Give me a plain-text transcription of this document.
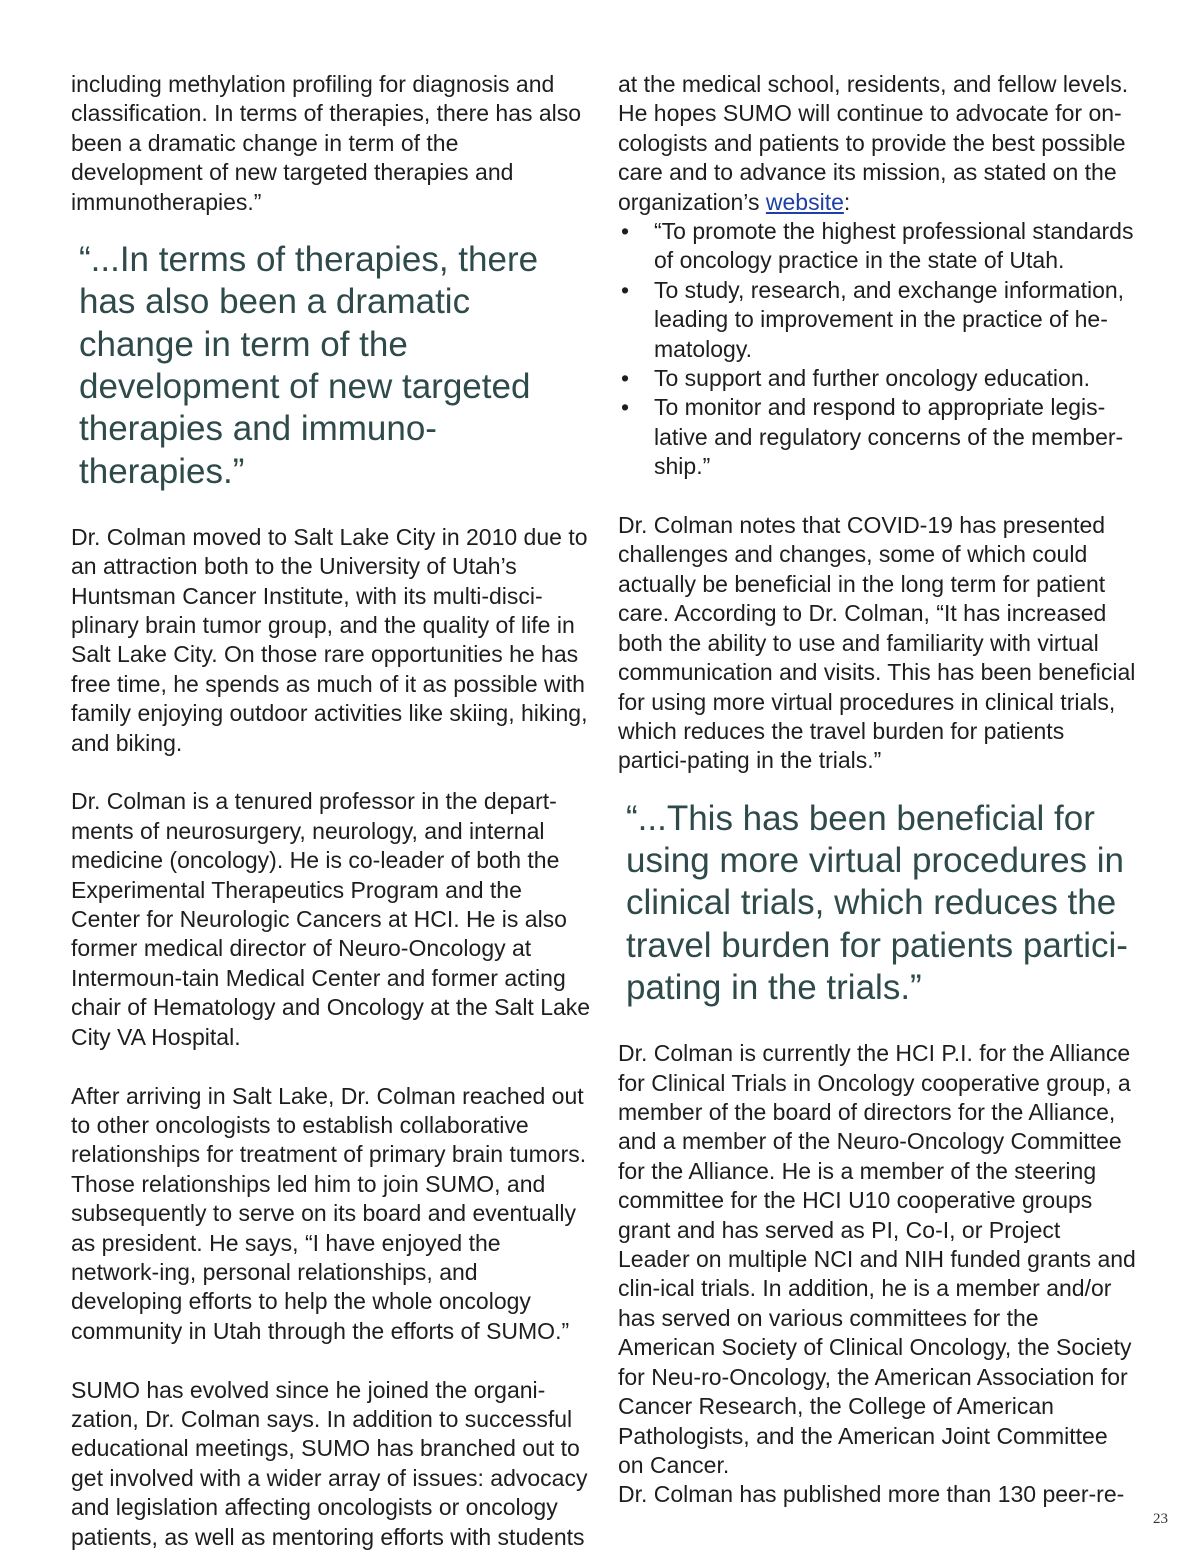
including methylation profiling for diagnosis and classification. In terms of therapies, there has also been a dramatic change in term of the development of new targeted therapies and immunotherapies.”

“...In terms of therapies, there has also been a dramatic change in term of the development of new targeted therapies and immuno-therapies.”

Dr. Colman moved to Salt Lake City in 2010 due to an attraction both to the University of Utah’s Huntsman Cancer Institute, with its multi-disci-plinary brain tumor group, and the quality of life in Salt Lake City. On those rare opportunities he has free time, he spends as much of it as possible with family enjoying outdoor activities like skiing, hiking, and biking.

Dr. Colman is a tenured professor in the depart-ments of neurosurgery, neurology, and internal medicine (oncology). He is co-leader of both the Experimental Therapeutics Program and the Center for Neurologic Cancers at HCI. He is also former medical director of Neuro-Oncology at Intermoun-tain Medical Center and former acting chair of Hematology and Oncology at the Salt Lake City VA Hospital.

After arriving in Salt Lake, Dr. Colman reached out to other oncologists to establish collaborative relationships for treatment of primary brain tumors. Those relationships led him to join SUMO, and subsequently to serve on its board and eventually as president. He says, “I have enjoyed the network-ing, personal relationships, and developing efforts to help the whole oncology community in Utah through the efforts of SUMO.”

SUMO has evolved since he joined the organi-zation, Dr. Colman says. In addition to successful educational meetings, SUMO has branched out to get involved with a wider array of issues: advocacy and legislation affecting oncologists or oncology patients, as well as mentoring efforts with students

at the medical school, residents, and fellow levels. He hopes SUMO will continue to advocate for on-cologists and patients to provide the best possible care and to advance its mission, as stated on the organization’s website:

• “To promote the highest professional standards of oncology practice in the state of Utah.
• To study, research, and exchange information, leading to improvement in the practice of he-matology.
• To support and further oncology education.
• To monitor and respond to appropriate legis-lative and regulatory concerns of the member-ship.”

Dr. Colman notes that COVID-19 has presented challenges and changes, some of which could actually be beneficial in the long term for patient care. According to Dr. Colman, “It has increased both the ability to use and familiarity with virtual communication and visits. This has been beneficial for using more virtual procedures in clinical trials, which reduces the travel burden for patients partici-pating in the trials.”

“...This has been beneficial for using more virtual procedures in clinical trials, which reduces the travel burden for patients partici-pating in the trials.”

Dr. Colman is currently the HCI P.I. for the Alliance for Clinical Trials in Oncology cooperative group, a member of the board of directors for the Alliance, and a member of the Neuro-Oncology Committee for the Alliance. He is a member of the steering committee for the HCI U10 cooperative groups grant and has served as PI, Co-I, or Project Leader on multiple NCI and NIH funded grants and clin-ical trials. In addition, he is a member and/or has served on various committees for the American Society of Clinical Oncology, the Society for Neu-ro-Oncology, the American Association for Cancer Research, the College of American Pathologists, and the American Joint Committee on Cancer.

Dr. Colman has published more than 130 peer-re-

23
